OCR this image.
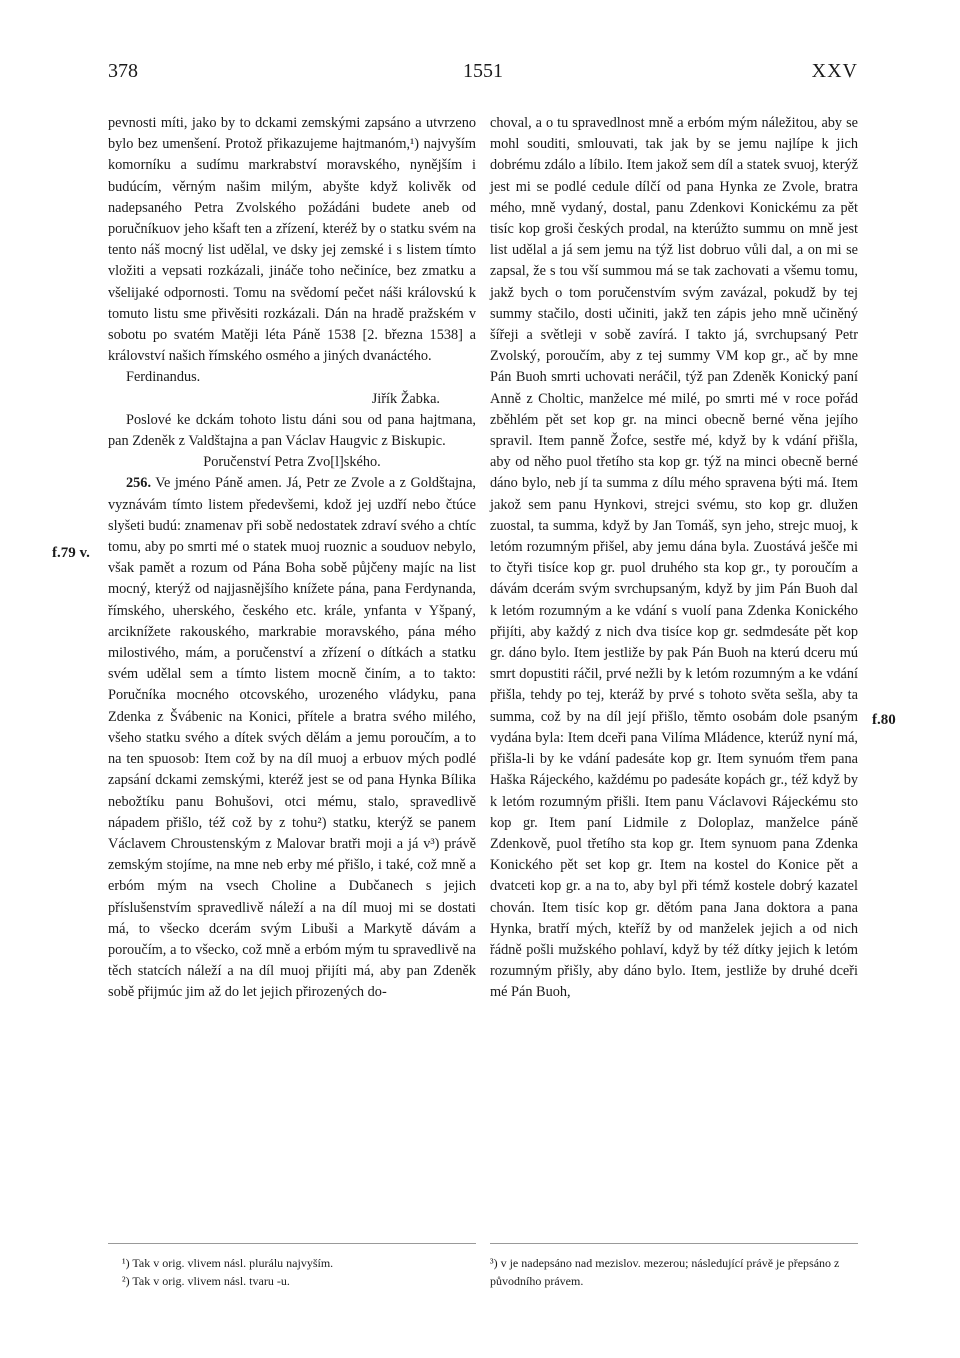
378	1551	XXV
f.79 v.
f.80

pevnosti míti, jako by to dckami zemskými zapsáno a utvrzeno bylo bez umenšení. Protož přikazujeme hajtmanóm,¹) najvyším komorníku a sudímu markrabství moravského, nynějším i budúcím, věrným našim milým, abyšte když kolivěk od nadepsaného Petra Zvolského požádáni budete aneb od poručníkuov jeho kšaft ten a zřízení, kteréž by o statku svém na tento náš mocný list udělal, ve dsky jej zemské i s listem tímto vložiti a vepsati rozkázali, jináče toho nečiníce, bez zmatku a všelijaké odpornosti. Tomu na svědomí pečet náši královskú k tomuto listu sme přivěsiti rozkázali. Dán na hradě pražském v sobotu po svatém Matěji léta Páně 1538 [2. března 1538] a království našich římského osmého a jiných dvanáctého.

Ferdinandus.

Jiřík Žabka.

Poslové ke dckám tohoto listu dáni sou od pana hajtmana, pan Zdeněk z Valdštajna a pan Václav Haugvic z Biskupic.

Poručenství Petra Zvo[l]ského.

256. Ve jméno Páně amen. Já, Petr ze Zvole a z Goldštajna, vyznávám tímto listem předevšemi, kdož jej uzdří nebo čtúce slyšeti budú: znamenav při sobě nedostatek zdraví svého a chtíc tomu, aby po smrti mé o statek muoj ruoznic a souduov nebylo, však pamět a rozum od Pána Boha sobě půjčeny majíc na list mocný, kterýž od najjasnějšího knížete pána, pana Ferdynanda, římského, uherského, českého etc. krále, ynfanta v Yšpaný, arciknížete rakouského, markrabie moravského, pána mého milostivého, mám, a poručenství a zřízení o dítkách a statku svém udělal sem a tímto listem mocně činím, a to takto: Poručníka mocného otcovského, urozeného vládyku, pana Zdenka z Švábenic na Konici, přítele a bratra svého milého, všeho statku svého a dítek svých dělám a jemu poroučím, a to na ten spuosob: Item což by na díl muoj a erbuov mých podlé zapsání dckami zemskými, kteréž jest se od pana Hynka Bílika nebožtíku panu Bohušovi, otci mému, stalo, spravedlivě nápadem přišlo, též což by z tohu²) statku, kterýž se panem Václavem Chroustenským z Malovar bratři moji a já v³) právě zemským stojíme, na mne neb erby mé přišlo, i také, což mně a erbóm mým na vsech Choline a Dubčanech s jejich příslušenstvím spravedlivě náleží a na díl muoj mi se dostati má, to všecko dcerám svým Libuši a Markytě dávám a poroučím, a to všecko, což mně a erbóm mým tu spravedlivě na těch statcích náleží a na díl muoj přijíti má, aby pan Zdeněk sobě přijmúc jim až do let jejich přirozených do-

choval, a o tu spravedlnost mně a erbóm mým náležitou, aby se mohl souditi, smlouvati, tak jak by se jemu najlípe k jich dobrému zdálo a líbilo. Item jakož sem díl a statek svuoj, kterýž jest mi se podlé cedule dílčí od pana Hynka ze Zvole, bratra mého, mně vydaný, dostal, panu Zdenkovi Konickému za pět tisíc kop groši českých prodal, na kterúžto summu on mně jest list udělal a já sem jemu na týž list dobruo vůli dal, a on mi se zapsal, že s tou vší summou má se tak zachovati a všemu tomu, jakž bych o tom poručenstvím svým zavázal, pokudž by tej summy stačilo, dosti učiniti, jakž ten zápis jeho mně učiněný šířeji a světleji v sobě zavírá. I takto já, svrchupsaný Petr Zvolský, poroučím, aby z tej summy VM kop gr., ač by mne Pán Buoh smrti uchovati neráčil, týž pan Zdeněk Konický paní Anně z Choltic, manželce mé milé, po smrti mé v roce pořád zběhlém pět set kop gr. na minci obecně berné věna jejího spravil. Item panně Žofce, sestře mé, když by k vdání přišla, aby od něho puol třetího sta kop gr. týž na minci obecně berné dáno bylo, neb jí ta summa z dílu mého spravena býti má. Item jakož sem panu Hynkovi, strejci svému, sto kop gr. dlužen zuostal, ta summa, když by Jan Tomáš, syn jeho, strejc muoj, k letóm rozumným přišel, aby jemu dána byla. Zuostává ješče mi to čtyři tisíce kop gr. puol druhého sta kop gr., ty poroučím a dávám dcerám svým svrchupsaným, když by jim Pán Buoh dal k letóm rozumným a ke vdání s vuolí pana Zdenka Konického přijíti, aby každý z nich dva tisíce kop gr. sedmdesáte pět kop gr. dáno bylo. Item jestliže by pak Pán Buoh na kterú dceru mú smrt dopustiti ráčil, prvé nežli by k letóm rozumným a ke vdání přišla, tehdy po tej, kteráž by prvé s tohoto světa sešla, aby ta summa, což by na díl její přišlo, těmto osobám dole psaným vydána byla: Item dceři pana Vilíma Mládence, kterúž nyní má, přišla-li by ke vdání padesáte kop gr. Item synuóm třem pana Haška Rájeckého, každému po padesáte kopách gr., též když by k letóm rozumným přišli. Item panu Václavovi Rájeckému sto kop gr. Item paní Lidmile z Doloplaz, manželce páně Zdenkově, puol třetího sta kop gr. Item synuom pana Zdenka Konického pět set kop gr. Item na kostel do Konice pět a dvatceti kop gr. a na to, aby byl při témž kostele dobrý kazatel chován. Item tisíc kop gr. dětóm pana Jana doktora a pana Hynka, bratří mých, kteříž by od manželek jejich a od nich řádně pošli mužského pohlaví, když by též dítky jejich k letóm rozumným přišly, aby dáno bylo. Item, jestliže by druhé dceři mé Pán Buoh,

¹) Tak v orig. vlivem násl. plurálu najvyším.

²) Tak v orig. vlivem násl. tvaru -u.

³) v je nadepsáno nad mezislov. mezerou; následující právě je přepsáno z původního právem.
